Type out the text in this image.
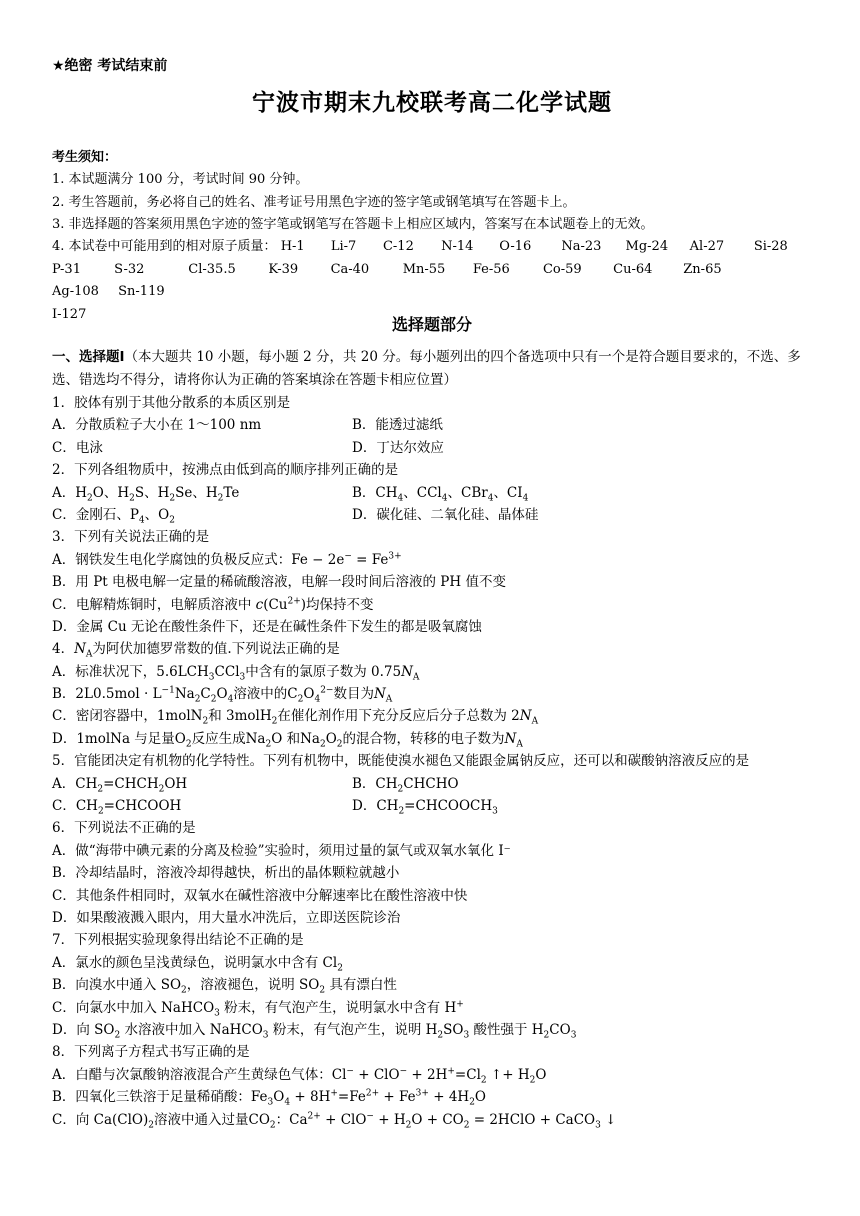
★绝密 考试结束前
宁波市期末九校联考高二化学试题
考生须知：
1. 本试题满分 100 分，考试时间 90 分钟。
2. 考生答题前，务必将自己的姓名、准考证号用黑色字迹的签字笔或钢笔填写在答题卡上。
3. 非选择题的答案须用黑色字迹的签字笔或钢笔写在答题卡上相应区域内，答案写在本试题卷上的无效。
4. 本试卷中可能用到的相对原子质量： H-1 Li-7 C-12 N-14 O-16 Na-23 Mg-24 Al-27 Si-28
P-31	S-32	Cl-35.5	K-39 Ca-40	Mn-55 Fe-56	Co-59 Cu-64 Zn-65 Ag-108 Sn-119
I-127
选择题部分
一、选择题Ⅰ（本大题共 10 小题，每小题 2 分，共 20 分。每小题列出的四个备选项中只有一个是符合题目要求的，不选、多选、错选均不得分，请将你认为正确的答案填涂在答题卡相应位置）
1．胶体有别于其他分散系的本质区别是
A．分散质粒子大小在 1～100 nm	B．能透过滤纸
C．电泳	D．丁达尔效应
2．下列各组物质中，按沸点由低到高的顺序排列正确的是
A．$H_2O$、$H_2S$、$H_2Se$、$H_2Te$	B．$CH_4$、CCl$_4$、CBr$_4$、$CI_4$
C．金刚石、$P_4$、$O_2$	D．碳化硅、二氧化硅、晶体硅
3．下列有关说法正确的是
A．钢铁发生电化学腐蚀的负极反应式：$Fe - 2e^- = Fe^{3+}$
B．用 Pt 电极电解一定量的稀硫酸溶液，电解一段时间后溶液的 PH 值不变
C．电解精炼铜时，电解质溶液中 $c(Cu^{2+})$均保持不变
D．金属 Cu 无论在酸性条件下，还是在碱性条件下发生的都是吸氧腐蚀
4．$N_A$为阿伏加德罗常数的值.下列说法正确的是
A．标准状况下，$5.6LCH_3CCl_3$中含有的氯原子数为 $0.75N_A$
B．$2L0.5mol \cdot L^{-1}Na_2C_2O_4$溶液中的$C_2O_4^{2-}$数目为$N_A$
C．密闭容器中，1molN$_2$和 3molH$_2$在催化剂作用下充分反应后分子总数为 $2N_A$
D．1molNa 与足量$O_2$反应生成$Na_2O$ 和$Na_2O_2$的混合物，转移的电子数为$N_A$
5．官能团决定有机物的化学特性。下列有机物中，既能使溴水褪色又能跟金属钠反应，还可以和碳酸钠溶液反应的是
A．$CH_2=CHCH_2OH$	B．$CH_2CHCHO$
C．$CH_2=CHCOOH$	D．$CH_2=CHCOOCH_3$
6．下列说法不正确的是
A．做“海带中碘元素的分离及检验”实验时，须用过量的氯气或双氧水氧化 I⁻
B．冷却结晶时，溶液冷却得越快，析出的晶体颗粒就越小
C．其他条件相同时，双氧水在碱性溶液中分解速率比在酸性溶液中快
D．如果酸液溅入眼内，用大量水冲洗后，立即送医院诊治
7．下列根据实验现象得出结论不正确的是
A．氯水的颜色呈浅黄绿色，说明氯水中含有 $Cl_2$
B．向溴水中通入 $SO_2$，溶液褪色，说明 $SO_2$ 具有漂白性
C．向氯水中加入 NaHCO$_3$ 粉末，有气泡产生，说明氯水中含有 H+
D．向 $SO_2$ 水溶液中加入 NaHCO$_3$ 粉末，有气泡产生，说明 $H_2SO_3$ 酸性强于 $H_2CO_3$
8．下列离子方程式书写正确的是
A．白醋与次氯酸钠溶液混合产生黄绿色气体：$Cl^- + ClO^- + 2H^+=Cl_2$ ↑+ $H_2O$
B．四氧化三铁溶于足量稀硝酸：$Fe_3O_4 + 8H^+=Fe^{2+} + Fe^{3+} + 4H_2O$
C．向 $Ca(ClO)_2$溶液中通入过量$CO_2$：$Ca^{2+} + ClO^- + H_2O + CO_2$ = 2HClO + CaCO$_3$ ↓
